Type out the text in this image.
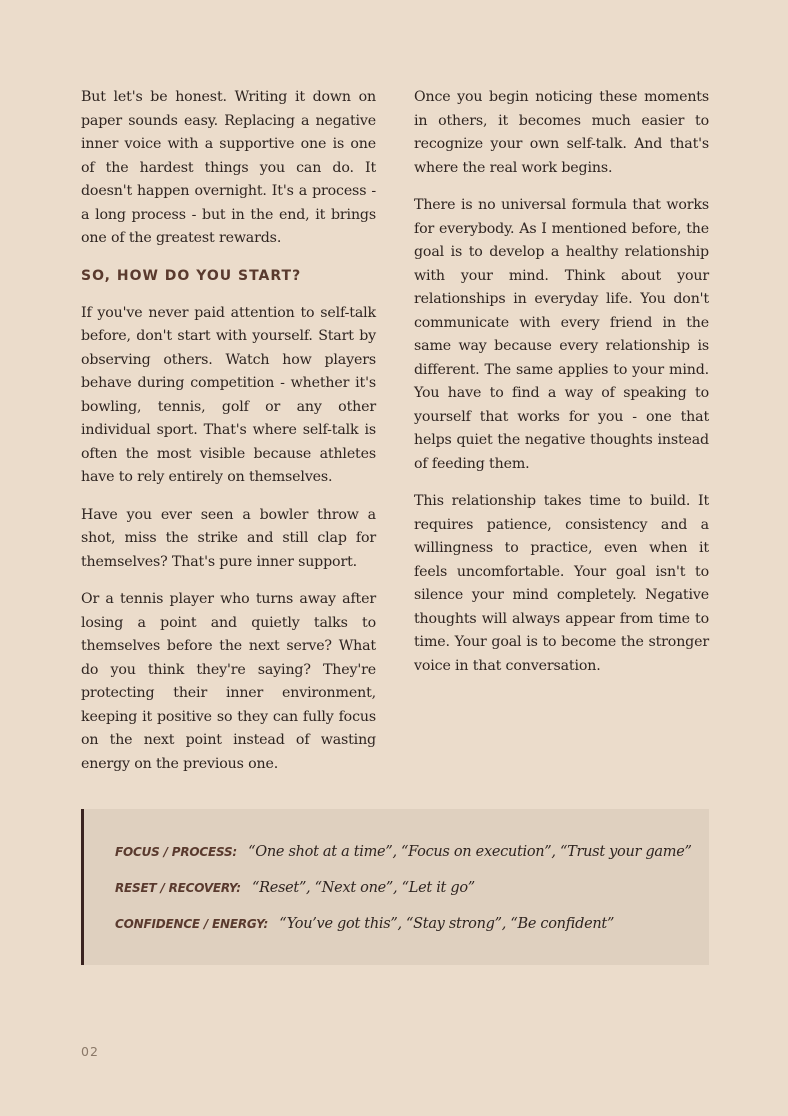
But let's be honest. Writing it down on paper sounds easy. Replacing a negative inner voice with a supportive one is one of the hardest things you can do. It doesn't happen overnight. It's a process - a long process - but in the end, it brings one of the greatest rewards.

SO, HOW DO YOU START?

If you've never paid attention to self-talk before, don't start with yourself. Start by observing others. Watch how players behave during competition - whether it's bowling, tennis, golf or any other individual sport. That's where self-talk is often the most visible because athletes have to rely entirely on themselves.

Have you ever seen a bowler throw a shot, miss the strike and still clap for themselves? That's pure inner support.

Or a tennis player who turns away after losing a point and quietly talks to themselves before the next serve? What do you think they're saying? They're protecting their inner environment, keeping it positive so they can fully focus on the next point instead of wasting energy on the previous one.

Once you begin noticing these moments in others, it becomes much easier to recognize your own self-talk. And that's where the real work begins.

There is no universal formula that works for everybody. As I mentioned before, the goal is to develop a healthy relationship with your mind. Think about your relationships in everyday life. You don't communicate with every friend in the same way because every relationship is different. The same applies to your mind. You have to find a way of speaking to yourself that works for you - one that helps quiet the negative thoughts instead of feeding them.

This relationship takes time to build. It requires patience, consistency and a willingness to practice, even when it feels uncomfortable. Your goal isn't to silence your mind completely. Negative thoughts will always appear from time to time. Your goal is to become the stronger voice in that conversation.

FOCUS / PROCESS: “One shot at a time”, “Focus on execution”, “Trust your game”
RESET / RECOVERY: “Reset”, “Next one”, “Let it go”
CONFIDENCE / ENERGY: “You’ve got this”, “Stay strong”, “Be confident”
02
